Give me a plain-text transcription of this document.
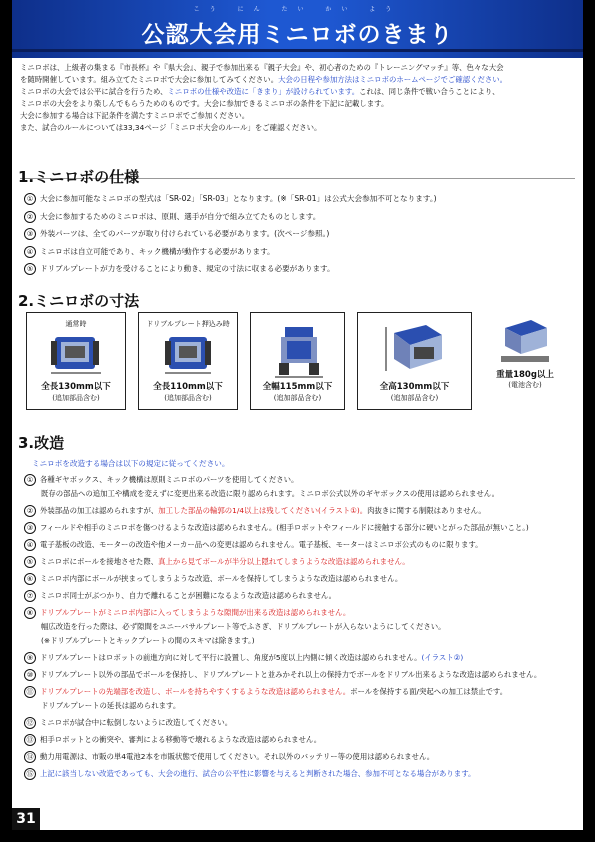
こう にん たい かい よう
公認大会用ミニロボのきまり

ミニロボは、上級者の集まる『市長杯』や『県大会』、親子で参加出来る『親子大会』や、初心者のための『トレーニングマッチ』等、色々な大会

を随時開催しています。組み立てたミニロボで大会に参加してみてください。大会の日程や参加方法はミニロボのホームページでご確認ください。

ミニロボの大会では公平に試合を行うため、ミニロボの仕様や改造に「きまり」が設けられています。これは、同じ条件で戦い合うことにより、

ミニロボの大会をより楽しんでもらうためのものです。大会に参加できるミニロボの条件を下記に記載します。

大会に参加する場合は下記条件を満たすミニロボでご参加ください。

また、試合のルールについては33,34ページ「ミニロボ大会のルール」をご確認ください。

1.ミニロボの仕様
① 大会に参加可能なミニロボの型式は「SR-02」「SR-03」となります。(※「SR-01」は公式大会参加不可となります。)
② 大会に参加するためのミニロボは、原則、選手が自分で組み立てたものとします。
③ 外装パーツは、全てのパーツが取り付けられている必要があります。(次ページ参照。)
④ ミニロボは自立可能であり、キック機構が動作する必要があります。
⑤ ドリブルプレートが力を受けることにより動き、規定の寸法に収まる必要があります。
2.ミニロボの寸法
通常時
全長130mm以下
(追加部品含む)
ドリブルプレート押込み時
全長110mm以下
(追加部品含む)
全幅115mm以下
(追加部品含む)
全高130mm以下
(追加部品含む)
重量180g以上
(電池含む)
3.改造
ミニロボを改造する場合は以下の規定に従ってください。
① 各種ギヤボックス、キック機構は原則ミニロボのパーツを使用してください。
既存の部品への追加工や構成を変えずに変更出来る改造に限り認められます。ミニロボ公式以外のギヤボックスの使用は認められません。
② 外装部品の加工は認められますが、加工した部品の輪郭の1/4以上は残してください(イラスト①)。肉抜きに関する制限はありません。
③ フィールドや相手のミニロボを傷つけるような改造は認められません。(相手ロボットやフィールドに接触する部分に硬いとがった部品が無いこと。)
④ 電子基板の改造、モーターの改造や他メーカー品への変更は認められません。電子基板、モーターはミニロボ公式のものに限ります。
⑤ ミニロボにボールを接地させた際、真上から見てボールが半分以上隠れてしまうような改造は認められません。
⑥ ミニロボ内部にボールが挟まってしまうような改造、ボールを保持してしまうような改造は認められません。
⑦ ミニロボ同士がぶつかり、自力で離れることが困難になるような改造は認められません。
⑧ ドリブルプレートがミニロボ内部に入ってしまうような隙間が出来る改造は認められません。
幅広改造を行った際は、必ず隙間をユニーバサルプレート等でふさぎ、ドリブルプレートが入らないようにしてください。
(※ドリブルプレートとキックプレートの間のスキマは除きます。)
⑨ ドリブルプレートはロボットの前進方向に対して平行に設置し、角度が5度以上内側に傾く改造は認められません。(イラスト②)
⑩ ドリブルプレート以外の部品でボールを保持し、ドリブルプレートと並みかそれ以上の保持力でボールをドリブル出来るような改造は認められません。
⑪ ドリブルプレートの先端部を改造し、ボールを持ちやすくするような改造は認められません。ボールを保持する面/突起への加工は禁止です。
ドリブルプレートの延長は認められます。
⑫ ミニロボが試合中に転倒しないように改造してください。
⑬ 相手ロボットとの衝突や、審判による移動等で壊れるような改造は認められません。
⑭ 動力用電源は、市販の単4電池2本を市販状態で使用してください。それ以外のバッテリー等の使用は認められません。
⑮ 上記に該当しない改造であっても、大会の進行、試合の公平性に影響を与えると判断された場合、参加不可となる場合があります。
31
